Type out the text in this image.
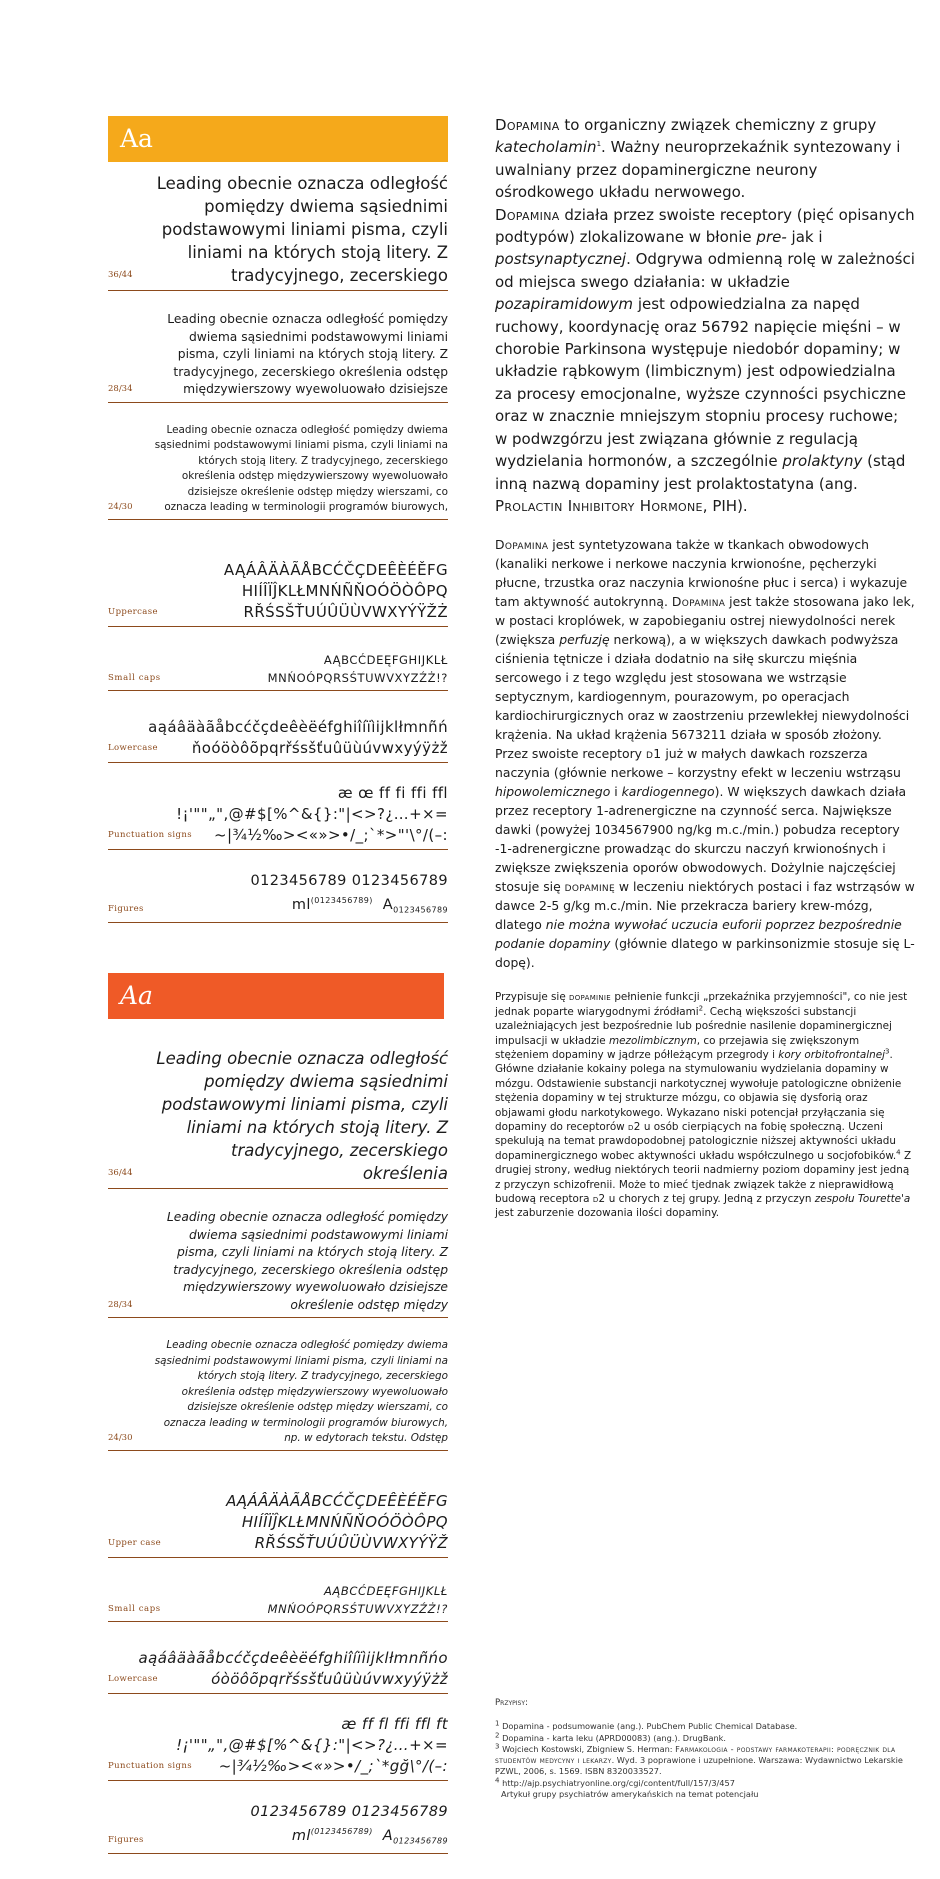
Aa
36/44
Leading obecnie oznacza odległość pomiędzy dwiema sąsiednimi podstawowymi liniami pisma, czyli liniami na których stoją litery. Z tradycyjnego, zecerskiego
28/34
Leading obecnie oznacza odległość pomiędzy dwiema sąsiednimi podstawowymi liniami pisma, czyli liniami na których stoją litery. Z tradycyjnego, zecerskiego określenia odstęp międzywierszowy wyewoluowało dzisiejsze
24/30
Leading obecnie oznacza odległość pomiędzy dwiema sąsiednimi podstawowymi liniami pisma, czyli liniami na których stoją litery. Z tradycyjnego, zecerskiego określenia odstęp międzywierszowy wyewoluowało dzisiejsze określenie odstęp między wierszami, co oznacza leading w terminologii programów biurowych,
Uppercase
AĄÁÂÄÀÃÅBCĆČÇDEÊÈÉĚFG
HIÍÎÏĴKLŁMNŃÑŇOÓÖÒÔPQ
RŘŚSŠŤUÚÛÜÙVWXYÝŸŽŻ
Small caps
AĄBCĆDEĘFGHIJKLŁ
MNŃOÓPQRSŚTUWVXYZŹŻ!?
Lowercase
aąáâäàãåbcćčçdeêèëéfghiîíïìijklłmnñń
ňoóöòôõpqrřśsšťuûüùúvwxyýÿżž
Punctuation signs
æ œ ff fi ffi ffl
!¡'""„",@#$[%^&{}:"|<>?¿…+×=
~|¾½‰><«»>•/_;`*>"'\°/(–:
Figures
0123456789 0123456789
$ml^{(0123456789)}$ $A_{0123456789}$
Aa
36/44
Leading obecnie oznacza odległość pomiędzy dwiema sąsiednimi podstawowymi liniami pisma, czyli liniami na których stoją litery. Z tradycyjnego, zecerskiego określenia
28/34
Leading obecnie oznacza odległość pomiędzy dwiema sąsiednimi podstawowymi liniami pisma, czyli liniami na których stoją litery. Z tradycyjnego, zecerskiego określenia odstęp międzywierszowy wyewoluowało dzisiejsze określenie odstęp między
24/30
Leading obecnie oznacza odległość pomiędzy dwiema sąsiednimi podstawowymi liniami pisma, czyli liniami na których stoją litery. Z tradycyjnego, zecerskiego określenia odstęp międzywierszowy wyewoluowało dzisiejsze określenie odstęp między wierszami, co oznacza leading w terminologii programów biurowych, np. w edytorach tekstu. Odstęp
Upper case
AĄÁÂÄÀÃÅBCĆČÇDEÊÈÉĚFG
HIÍÎÏĴKLŁMNŃÑŇOÓÖÒÔPQ
RŘŚSŠŤUÚÛÜÙVWXYÝŸŽ
Small caps
AĄBCĆDEĘFGHIJKLŁ
MNŃOÓPQRSŚTUWVXYZŹŻ!?
Lowercase
aąáâäàãåbcćčçdeêèëéfghiîíïìijklłmnñńo
óòöôõpqrřśsšťuûüùúvwxyýÿżž
Punctuation signs
æ ff fl ffi ffl ft
!¡'""„",@#$[%^&{}:"|<>?¿…+×=
~|¾½‰><«»>•/_;`*gğ\°/(–:
Figures
0123456789 0123456789
$ml^{(0123456789)}$ $A_{0123456789}$

Dopamina to organiczny związek chemiczny z grupy katecholamin$^1$. Ważny neuroprzekaźnik syntezowany i uwalniany przez dopaminergiczne neurony ośrodkowego układu nerwowego.
Dopamina działa przez swoiste receptory (pięć opisanych podtypów) zlokalizowane w błonie pre- jak i postsynaptycznej. Odgrywa odmienną rolę w zależności od miejsca swego działania: w układzie pozapiramidowym jest odpowiedzialna za napęd ruchowy, koordynację oraz 56792 napięcie mięśni – w chorobie Parkinsona występuje niedobór dopaminy; w układzie rąbkowym (limbicznym) jest odpowiedzialna za procesy emocjonalne, wyższe czynności psychiczne oraz w znacznie mniejszym stopniu procesy ruchowe; w podwzgórzu jest związana głównie z regulacją wydzielania hormonów, a szczególnie prolaktyny (stąd inną nazwą dopaminy jest prolaktostatyna (ang. Prolactin Inhibitory Hormone, PIH).

Dopamina jest syntetyzowana także w tkankach obwodowych (kanaliki nerkowe i nerkowe naczynia krwionośne, pęcherzyki płucne, trzustka oraz naczynia krwionośne płuc i serca) i wykazuje tam aktywność autokrynną. Dopamina jest także stosowana jako lek, w postaci kroplówek, w zapobieganiu ostrej niewydolności nerek (zwiększa perfuzję nerkową), a w większych dawkach podwyższa ciśnienia tętnicze i działa dodatnio na siłę skurczu mięśnia sercowego i z tego względu jest stosowana we wstrząsie septycznym, kardiogennym, pourazowym, po operacjach kardiochirurgicznych oraz w zaostrzeniu przewlekłej niewydolności krążenia. Na układ krążenia 5673211 działa w sposób złożony. Przez swoiste receptory d1 już w małych dawkach rozszerza naczynia (głównie nerkowe – korzystny efekt w leczeniu wstrząsu hipowolemicznego i kardiogennego). W większych dawkach działa przez receptory 1-adrenergiczne na czynność serca. Największe dawki (powyżej 1034567900 ng/kg m.c./min.) pobudza receptory -1-adrenergiczne prowadząc do skurczu naczyń krwionośnych i zwiększe zwiększenia oporów obwodowych. Dożylnie najczęściej stosuje się dopaminę w leczeniu niektórych postaci i faz wstrząsów w dawce 2-5 g/kg m.c./min. Nie przekracza bariery krew-mózg, dlatego nie można wywołać uczucia euforii poprzez bezpośrednie podanie dopaminy (głównie dlatego w parkinsonizmie stosuje się L-dopę).

Przypisuje się dopaminie pełnienie funkcji „przekaźnika przyjemności", co nie jest jednak poparte wiarygodnymi źródłami$^2$. Cechą większości substancji uzależniających jest bezpośrednie lub pośrednie nasilenie dopaminergicznej impulsacji w układzie mezolimbicznym, co przejawia się zwiększonym stężeniem dopaminy w jądrze półleżącym przegrody i kory orbitofrontalnej$^3$. Główne działanie kokainy polega na stymulowaniu wydzielania dopaminy w mózgu. Odstawienie substancji narkotycznej wywołuje patologiczne obniżenie stężenia dopaminy w tej strukturze mózgu, co objawia się dysforią oraz objawami głodu narkotykowego. Wykazano niski potencjał przyłączania się dopaminy do receptorów d2 u osób cierpiących na fobię społeczną. Uczeni spekulują na temat prawdopodobnej patologicznie niższej aktywności układu dopaminergicznego wobec aktywności układu współczulnego u socjofobików.$^4$ Z drugiej strony, według niektórych teorii nadmierny poziom dopaminy jest jedną z przyczyn schizofrenii. Może to mieć tjednak związek także z nieprawidłową budową receptora d2 u chorych z tej grupy. Jedną z przyczyn zespołu Tourette'a jest zaburzenie dozowania ilości dopaminy.

Przypisy:

$^1$ Dopamina - podsumowanie (ang.). PubChem Public Chemical Database.

$^2$ Dopamina - karta leku (APRD00083) (ang.). DrugBank.

$^3$ Wojciech Kostowski, Zbigniew S. Herman: Farmakologia - podstawy farmakoterapii: podręcznik dla studentów medycyny i lekarzy. Wyd. 3 poprawione i uzupełnione. Warszawa: Wydawnictwo Lekarskie PZWL, 2006, s. 1569. ISBN 8320033527.

$^4$ http://ajp.psychiatryonline.org/cgi/content/full/157/3/457
Artykuł grupy psychiatrów amerykańskich na temat potencjału
